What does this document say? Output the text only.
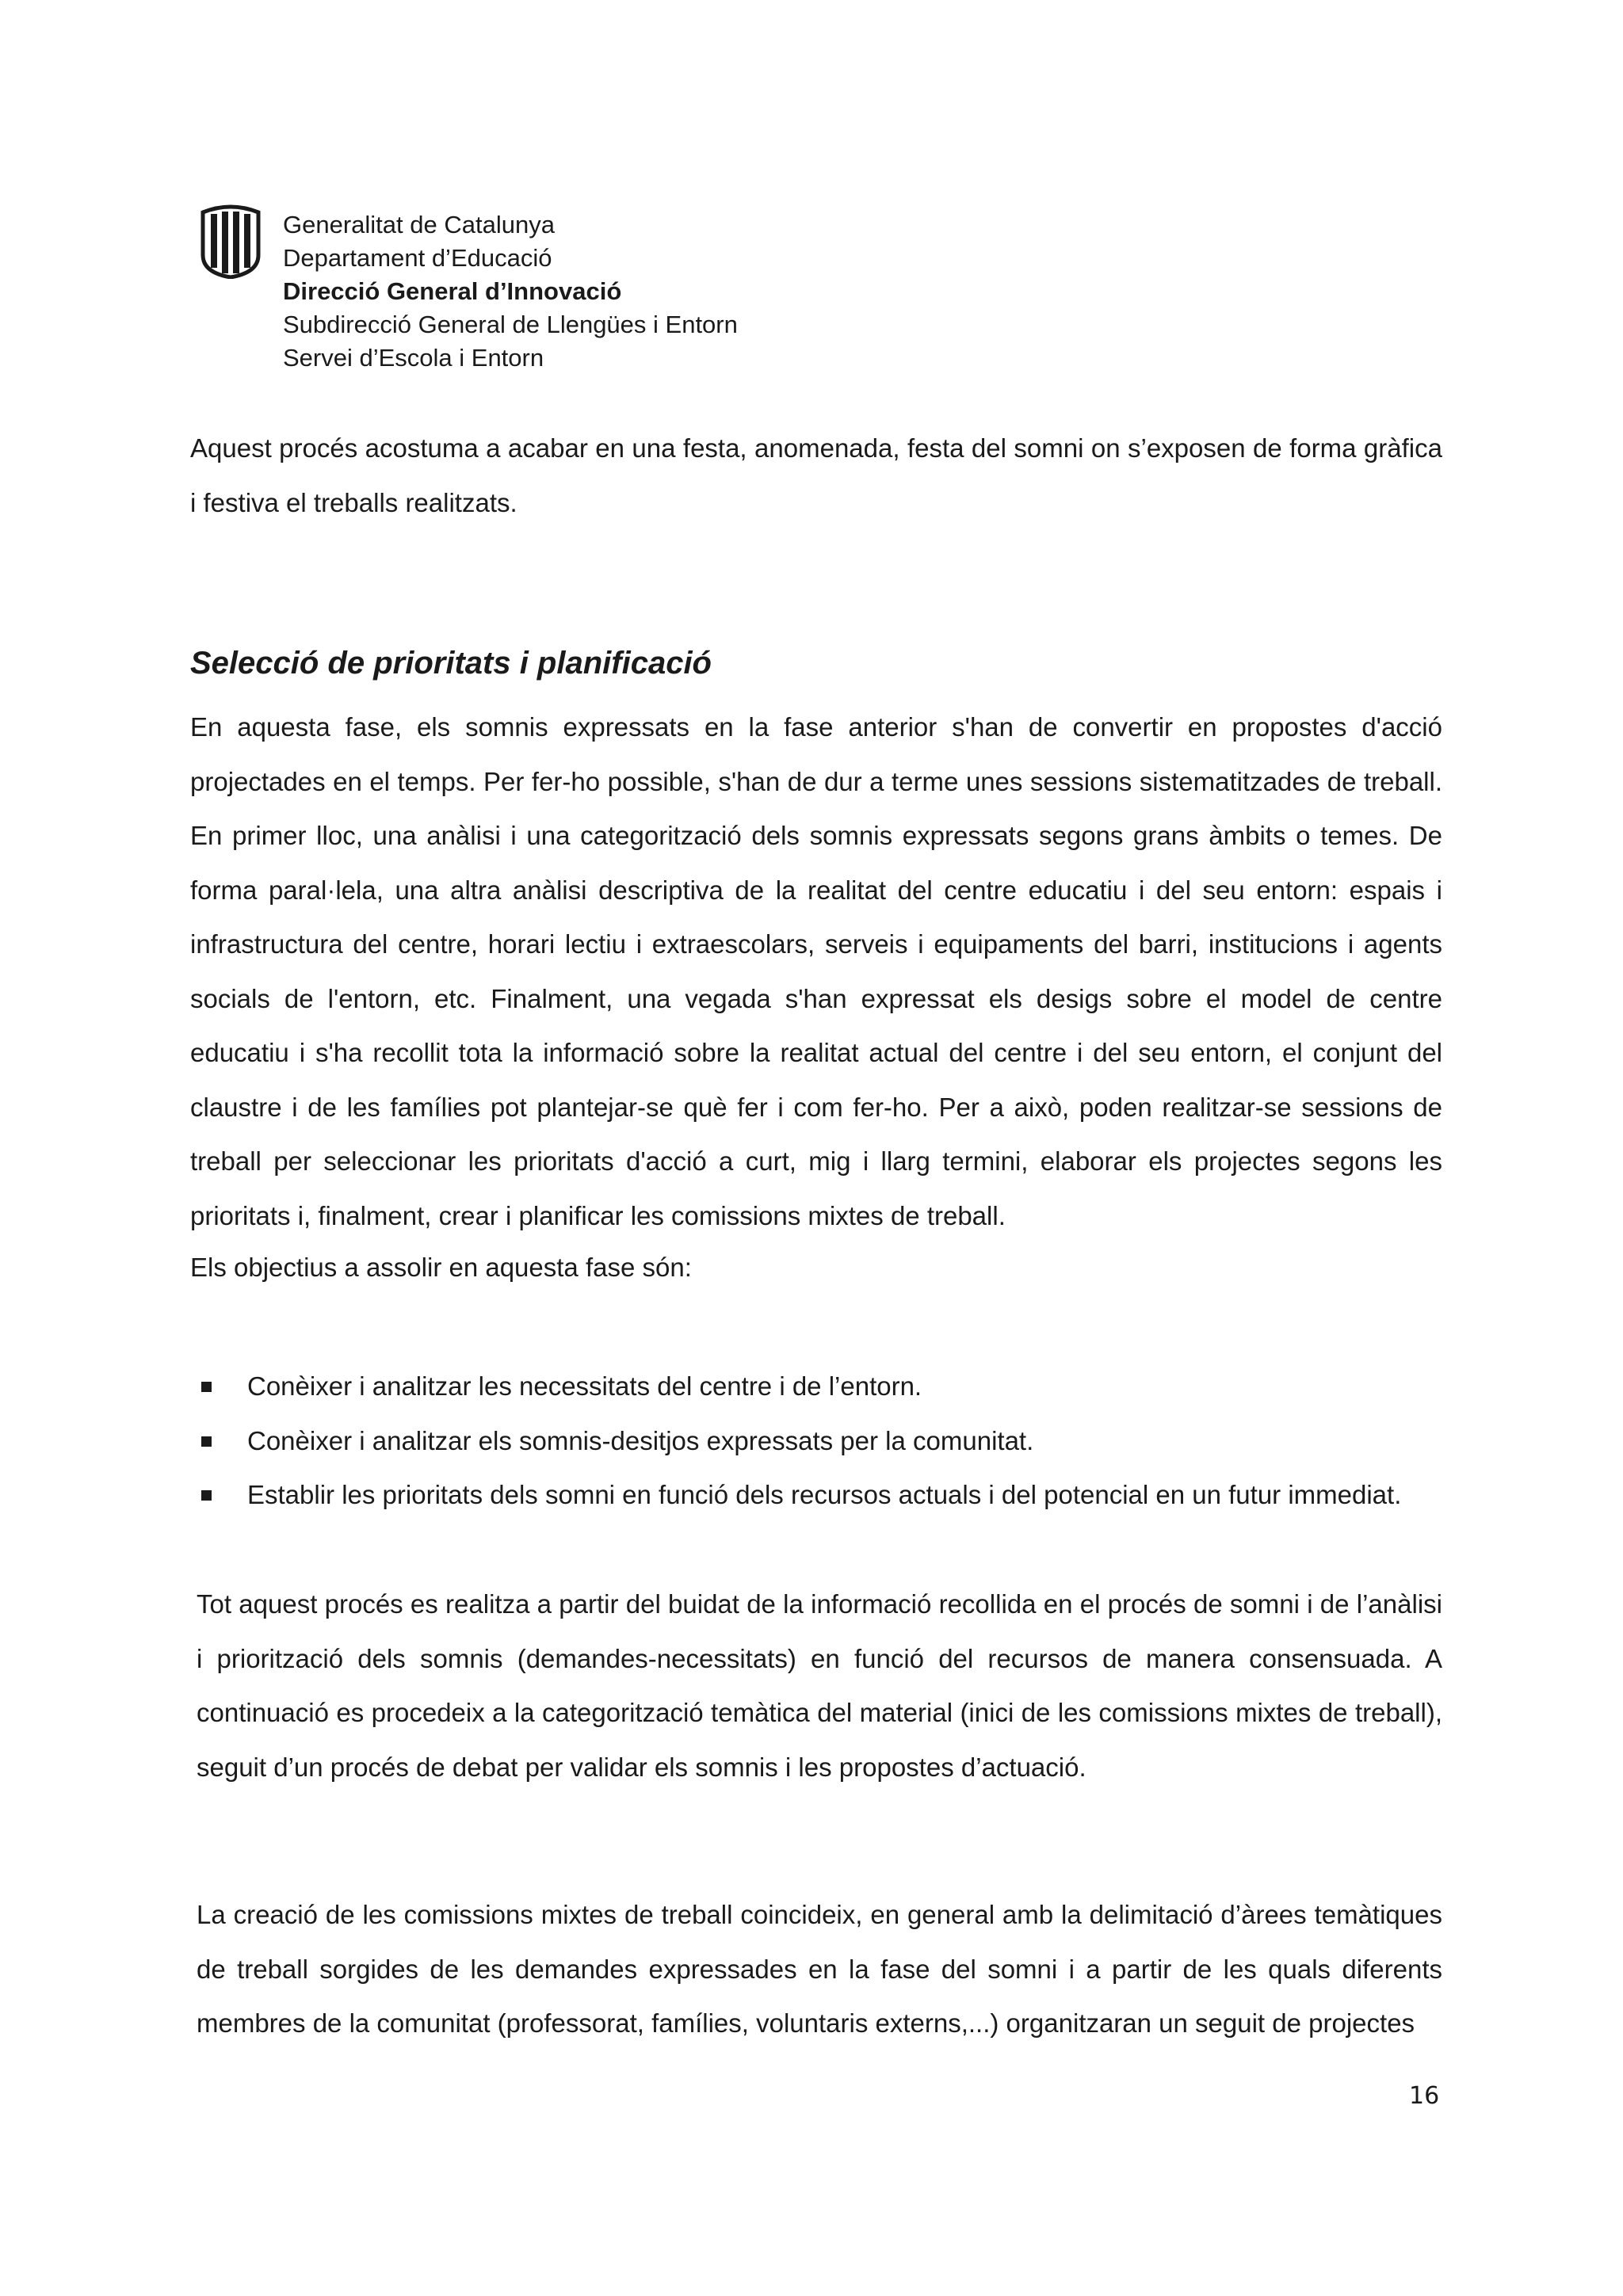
Generalitat de Catalunya
Departament d’Educació
Direcció General d’Innovació
Subdirecció General de Llengües i Entorn
Servei d’Escola i Entorn

Aquest procés acostuma a acabar en una festa, anomenada, festa del somni on s’exposen de forma gràfica i festiva el treballs realitzats.

Selecció de prioritats i planificació

En aquesta fase, els somnis expressats en la fase anterior s'han de convertir en propostes d'acció projectades en el temps. Per fer-ho possible, s'han de dur a terme unes sessions sistematitzades de treball. En primer lloc, una anàlisi i una categorització dels somnis expressats segons grans àmbits o temes. De forma paral·lela, una altra anàlisi descriptiva de la realitat del centre educatiu i del seu entorn: espais i infrastructura del centre, horari lectiu i extraescolars, serveis i equipaments del barri, institucions i agents socials de l'entorn, etc. Finalment, una vegada s'han expressat els desigs sobre el model de centre educatiu i s'ha recollit tota la informació sobre la realitat actual del centre i del seu entorn, el conjunt del claustre i de les famílies pot plantejar-se què fer i com fer-ho. Per a això, poden realitzar-se sessions de treball per seleccionar les prioritats d'acció a curt, mig i llarg termini, elaborar els projectes segons les prioritats i, finalment, crear i planificar les comissions mixtes de treball.

Els objectius a assolir en aquesta fase són:

Conèixer i analitzar les necessitats del centre i de l’entorn.
Conèixer i analitzar els somnis-desitjos expressats per la comunitat.
Establir les prioritats dels somni en funció dels recursos actuals i del potencial en un futur immediat.

Tot aquest procés es realitza a partir del buidat de la informació recollida en el procés de somni i de l’anàlisi i priorització dels somnis (demandes-necessitats) en funció del recursos de manera consensuada. A continuació es procedeix a la categorització temàtica del material (inici de les comissions mixtes de treball), seguit d’un procés de debat per validar els somnis i les propostes d’actuació.

La creació de les comissions mixtes de treball coincideix, en general amb la delimitació d’àrees temàtiques de treball sorgides de les demandes expressades en la fase del somni i a partir de les quals diferents membres de la comunitat (professorat, famílies, voluntaris externs,...) organitzaran un seguit de projectes

16
